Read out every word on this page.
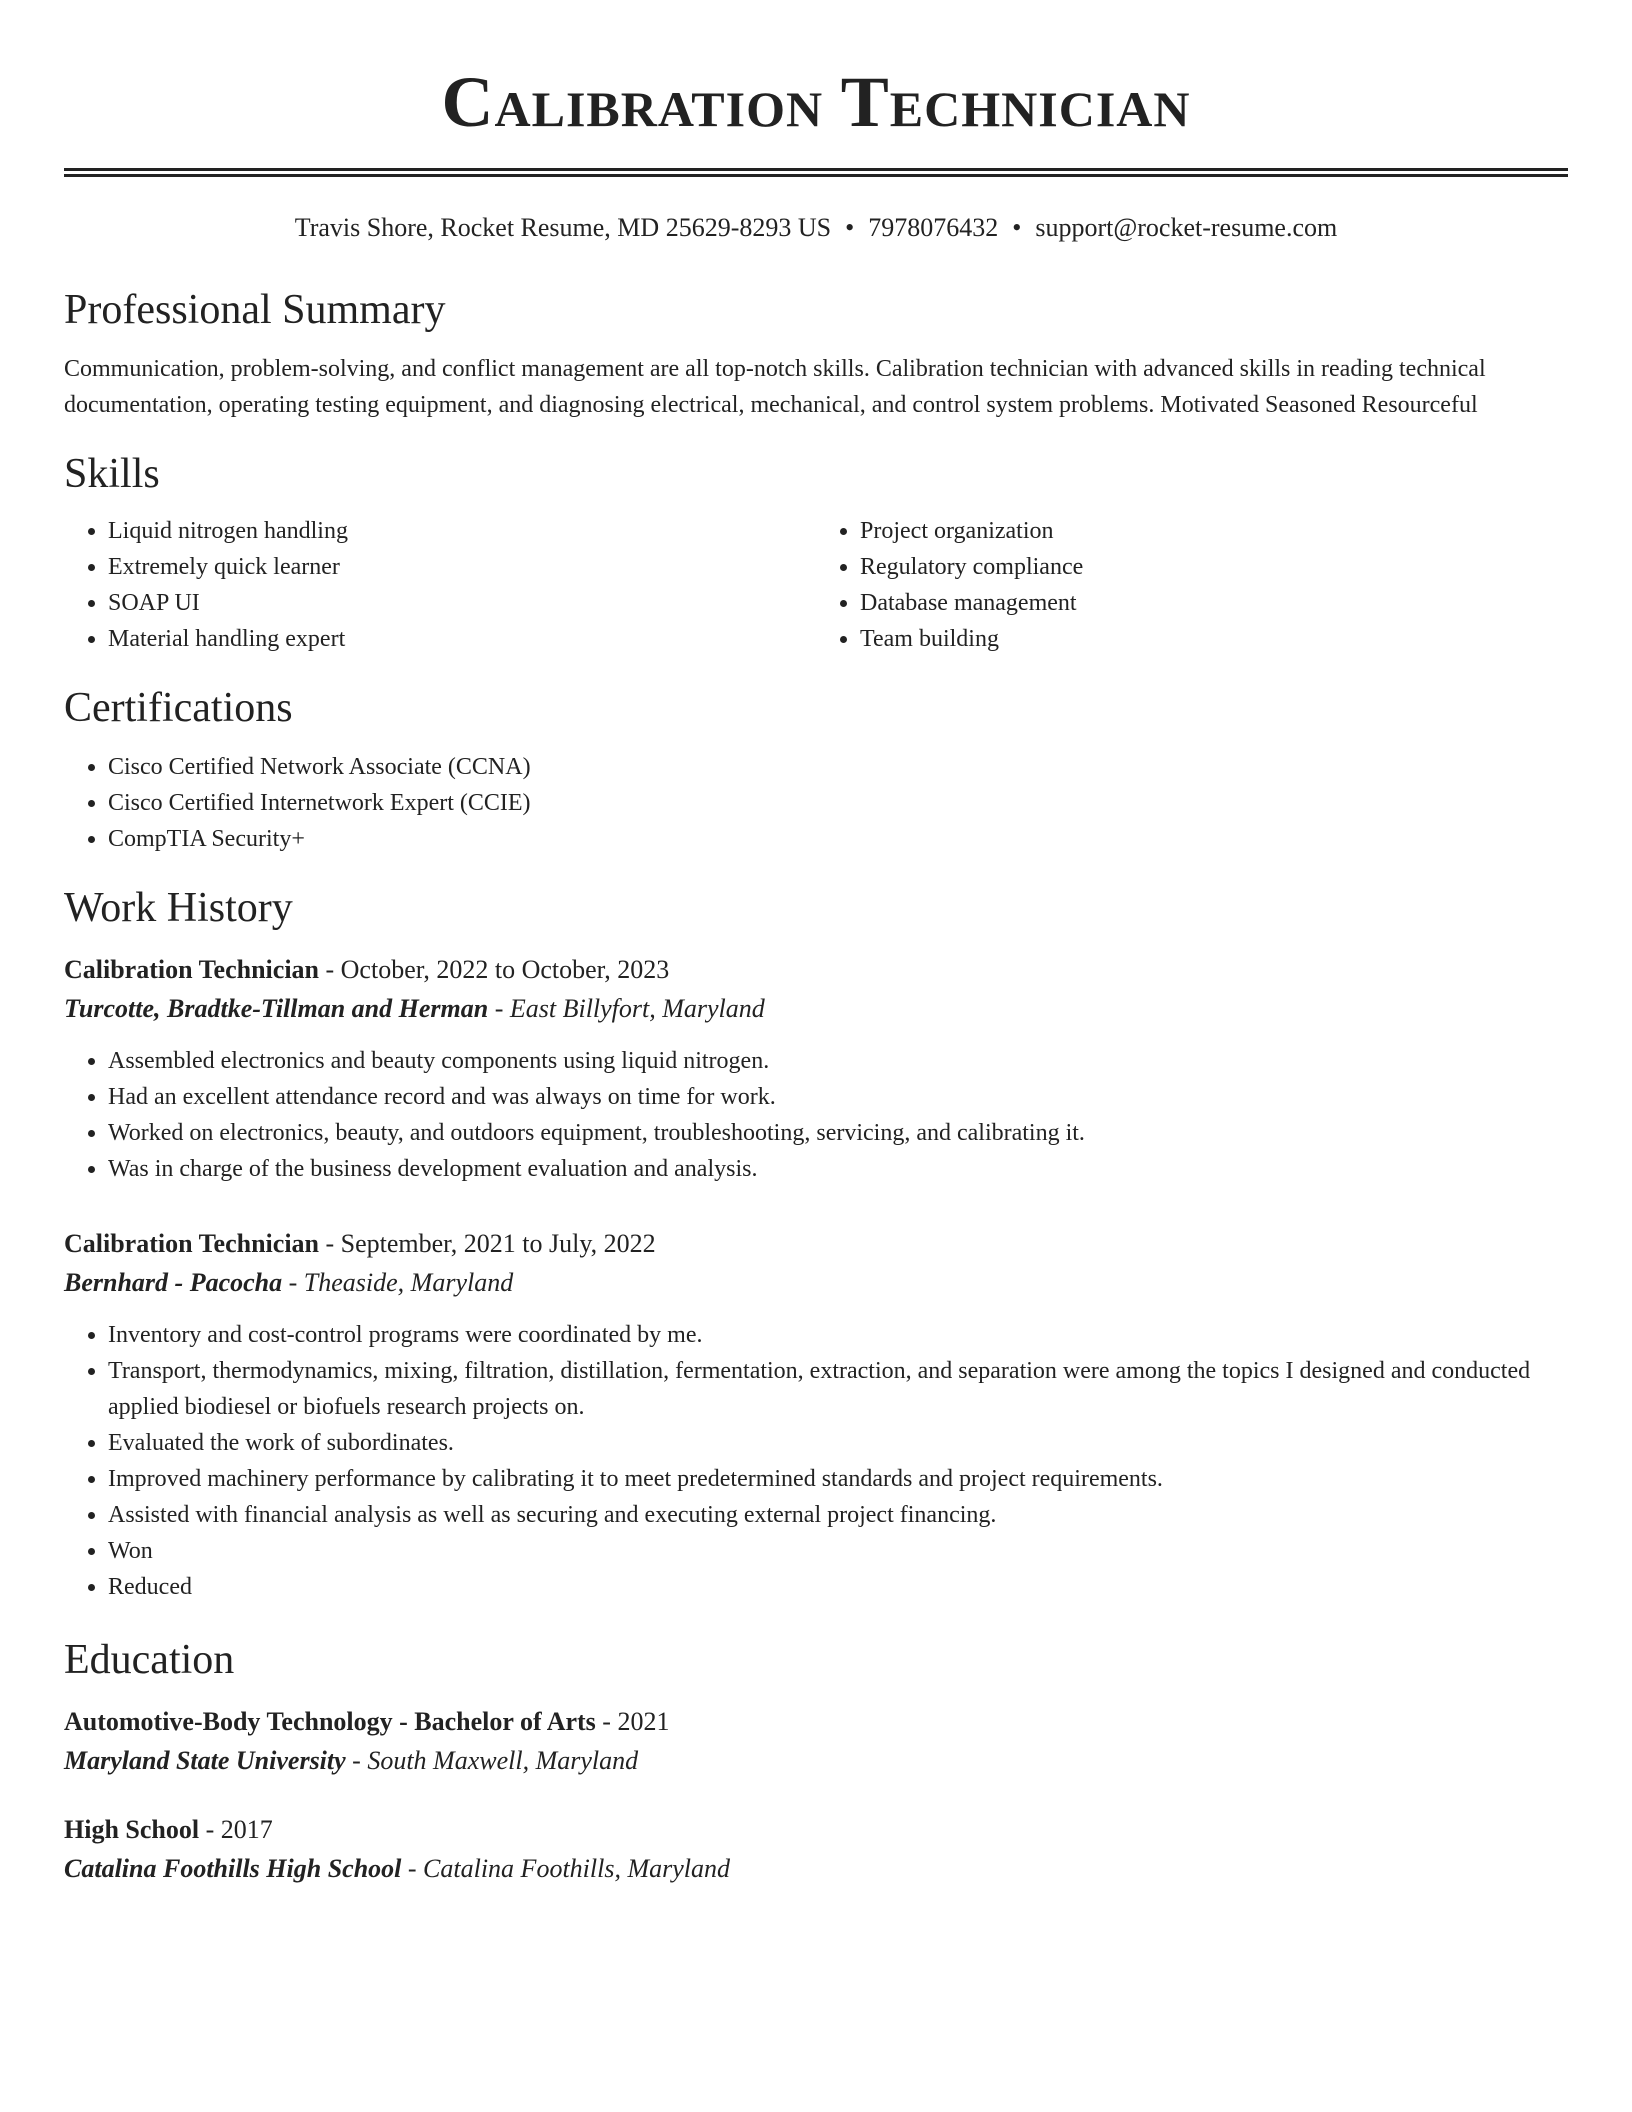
Calibration Technician
Travis Shore, Rocket Resume, MD 25629-8293 US • 7978076432 • support@rocket-resume.com
Professional Summary
Communication, problem-solving, and conflict management are all top-notch skills. Calibration technician with advanced skills in reading technical documentation, operating testing equipment, and diagnosing electrical, mechanical, and control system problems. Motivated Seasoned Resourceful
Skills
• Liquid nitrogen handling
• Extremely quick learner
• SOAP UI
• Material handling expert
• Project organization
• Regulatory compliance
• Database management
• Team building
Certifications
• Cisco Certified Network Associate (CCNA)
• Cisco Certified Internetwork Expert (CCIE)
• CompTIA Security+
Work History
Calibration Technician - October, 2022 to October, 2023
Turcotte, Bradtke-Tillman and Herman - East Billyfort, Maryland
• Assembled electronics and beauty components using liquid nitrogen.
• Had an excellent attendance record and was always on time for work.
• Worked on electronics, beauty, and outdoors equipment, troubleshooting, servicing, and calibrating it.
• Was in charge of the business development evaluation and analysis.
Calibration Technician - September, 2021 to July, 2022
Bernhard - Pacocha - Theaside, Maryland
• Inventory and cost-control programs were coordinated by me.
• Transport, thermodynamics, mixing, filtration, distillation, fermentation, extraction, and separation were among the topics I designed and conducted applied biodiesel or biofuels research projects on.
• Evaluated the work of subordinates.
• Improved machinery performance by calibrating it to meet predetermined standards and project requirements.
• Assisted with financial analysis as well as securing and executing external project financing.
• Won
• Reduced
Education
Automotive-Body Technology - Bachelor of Arts - 2021
Maryland State University - South Maxwell, Maryland
High School - 2017
Catalina Foothills High School - Catalina Foothills, Maryland
